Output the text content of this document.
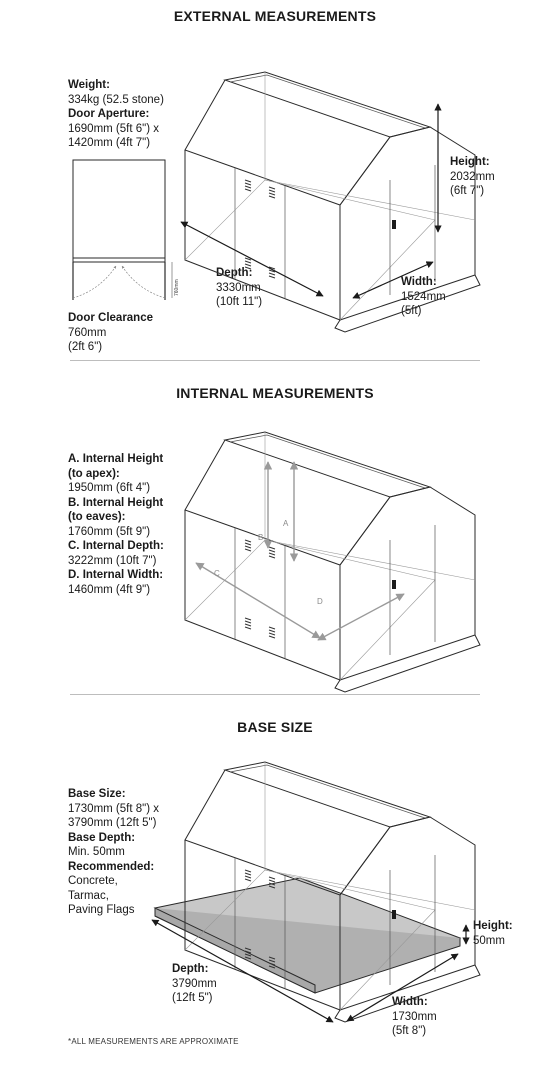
EXTERNAL MEASUREMENTS
Weight:
334kg (52.5 stone)
Door Aperture:
1690mm (5ft 6") x
1420mm (4ft 7")
Door Clearance
760mm
(2ft 6")
Height:
2032mm
(6ft 7")
Depth:
3330mm
(10ft 11")
Width:
1524mm
(5ft)
INTERNAL MEASUREMENTS
A. Internal Height
(to apex):
1950mm (6ft 4")
B. Internal Height
(to eaves):
1760mm (5ft 9")
C. Internal Depth:
3222mm (10ft 7")
D. Internal Width:
1460mm (4ft 9")
BASE SIZE
Base Size:
1730mm (5ft 8") x
3790mm (12ft 5")
Base Depth:
Min. 50mm
Recommended:
Concrete,
Tarmac,
Paving Flags
Height:
50mm
Depth:
3790mm
(12ft 5")	Width:
1730mm
(5ft 8")
*ALL MEASUREMENTS ARE APPROXIMATE
760mm
A
B
C
D
